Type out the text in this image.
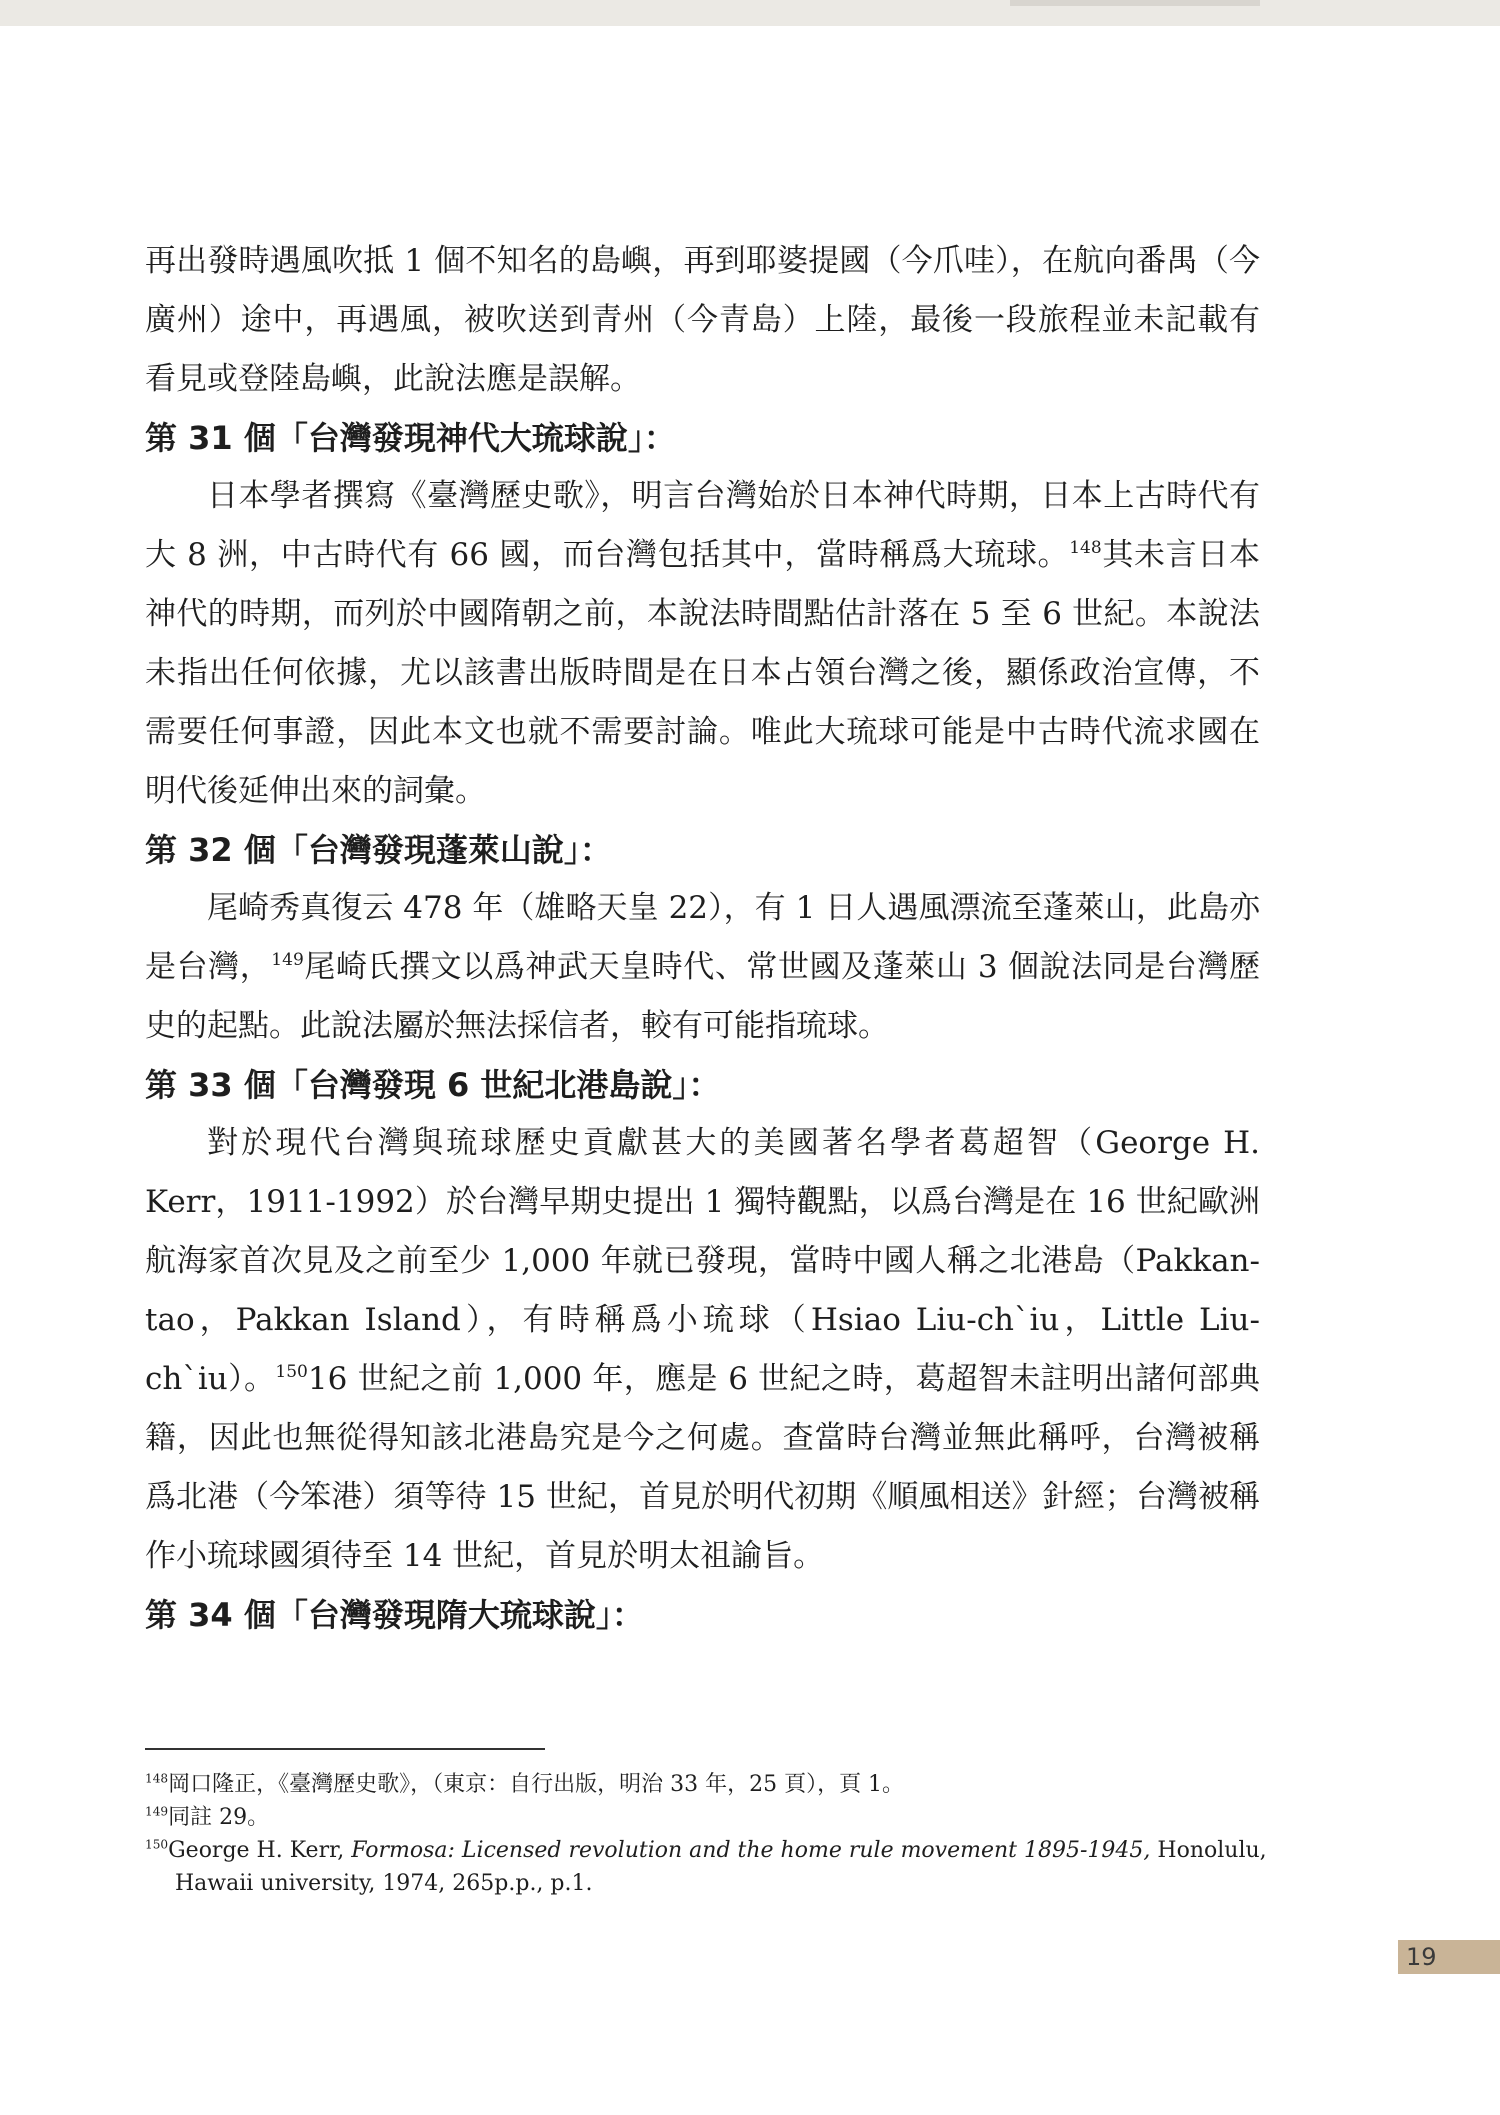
再出發時遇風吹抵 1 個不知名的島嶼，再到耶婆提國（今爪哇），在航向番禺（今廣州）途中，再遇風，被吹送到青州（今青島）上陸，最後一段旅程並未記載有看見或登陸島嶼，此說法應是誤解。

第 31 個「台灣發現神代大琉球說」：

日本學者撰寫《臺灣歷史歌》，明言台灣始於日本神代時期，日本上古時代有大 8 洲，中古時代有 66 國，而台灣包括其中，當時稱爲大琉球。$^{148}$其未言日本神代的時期，而列於中國隋朝之前，本說法時間點估計落在 5 至 6 世紀。本說法未指出任何依據，尤以該書出版時間是在日本占領台灣之後，顯係政治宣傳，不需要任何事證，因此本文也就不需要討論。唯此大琉球可能是中古時代流求國在明代後延伸出來的詞彙。

第 32 個「台灣發現蓬萊山說」：

尾崎秀真復云 478 年（雄略天皇 22），有 1 日人遇風漂流至蓬萊山，此島亦是台灣，$^{149}$尾崎氏撰文以爲神武天皇時代、常世國及蓬萊山 3 個說法同是台灣歷史的起點。此說法屬於無法採信者，較有可能指琉球。

第 33 個「台灣發現 6 世紀北港島說」：

對於現代台灣與琉球歷史貢獻甚大的美國著名學者葛超智（George H. Kerr，1911-1992）於台灣早期史提出 1 獨特觀點，以爲台灣是在 16 世紀歐洲航海家首次見及之前至少 1,000 年就已發現，當時中國人稱之北港島（Pakkan-tao，Pakkan Island），有時稱爲小琉球（Hsiao Liu-ch`iu，Little Liu-ch`iu）。$^{150}$16 世紀之前 1,000 年，應是 6 世紀之時，葛超智未註明出諸何部典籍，因此也無從得知該北港島究是今之何處。查當時台灣並無此稱呼，台灣被稱爲北港（今笨港）須等待 15 世紀，首見於明代初期《順風相送》針經；台灣被稱作小琉球國須待至 14 世紀，首見於明太祖諭旨。

第 34 個「台灣發現隋大琉球說」：

$^{148}$岡口隆正，《臺灣歷史歌》，（東京：自行出版，明治 33 年，25 頁），頁 1。

$^{149}$同註 29。

$^{150}$George H. Kerr, Formosa: Licensed revolution and the home rule movement 1895-1945, Honolulu,
Hawaii university, 1974, 265p.p., p.1.

19
